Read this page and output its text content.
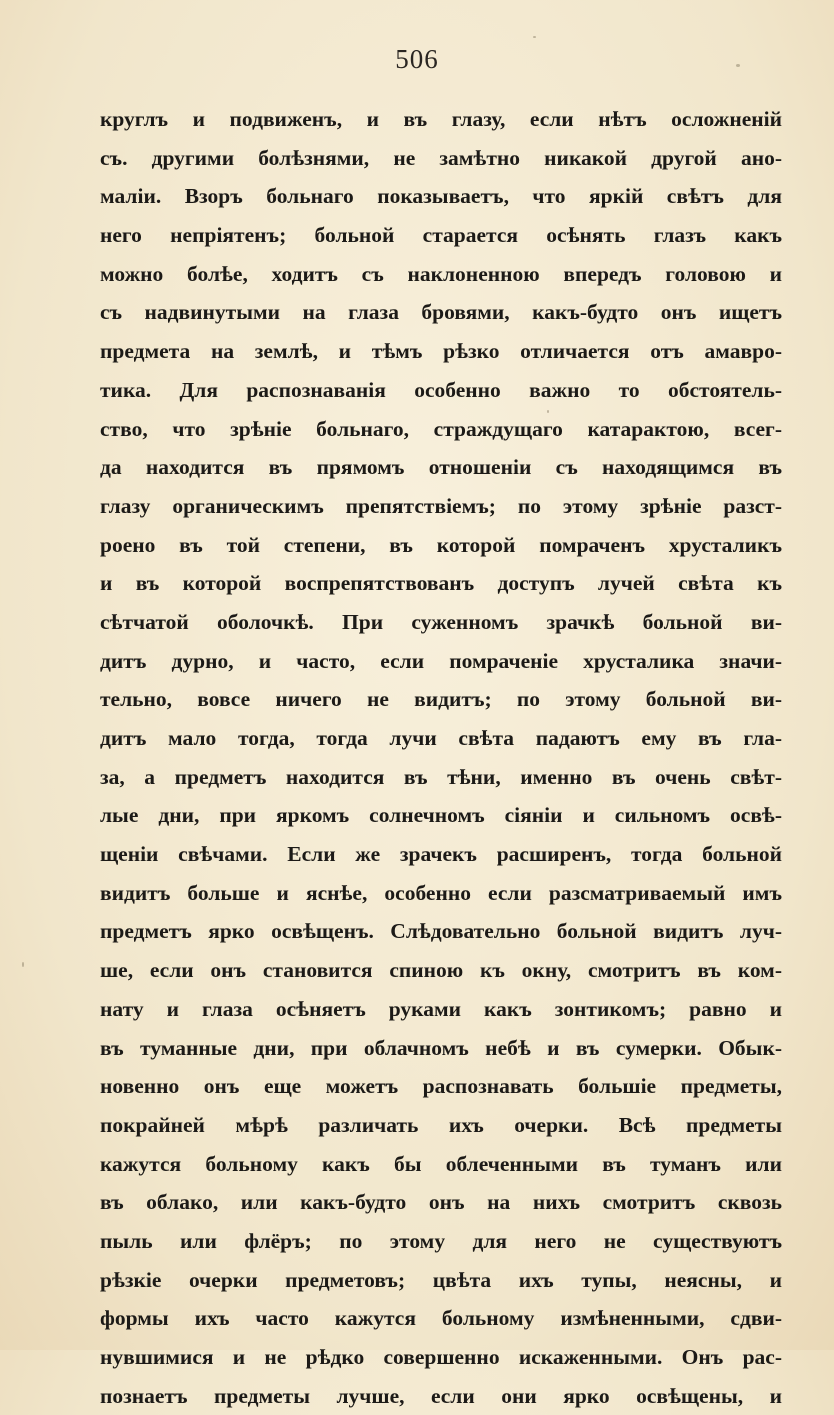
506
круглъ и подвиженъ, и въ глазу, если нѣтъ осложненій
съ. другими болѣзнями, не замѣтно никакой другой ано-
маліи. Взоръ больнаго показываетъ, что яркій свѣтъ для
него непріятенъ; больной старается осѣнять глазъ какъ
можно болѣе, ходитъ съ наклоненною впередъ головою и
съ надвинутыми на глаза бровями, какъ-будто онъ ищетъ
предмета на землѣ, и тѣмъ рѣзко отличается отъ амавро-
тика. Для распознаванія особенно важно то обстоятель-
ство, что зрѣніе больнаго, страждущаго катарактою, всег-
да находится въ прямомъ отношеніи съ находящимся въ
глазу органическимъ препятствіемъ; по этому зрѣніе разст-
роено въ той степени, въ которой помраченъ хрусталикъ
и въ которой воспрепятствованъ доступъ лучей свѣта къ
сѣтчатой оболочкѣ. При суженномъ зрачкѣ больной ви-
дитъ дурно, и часто, если помраченіе хрусталика значи-
тельно, вовсе ничего не видитъ; по этому больной ви-
дитъ мало тогда, тогда лучи свѣта падаютъ ему въ гла-
за, а предметъ находится въ тѣни, именно въ очень свѣт-
лые дни, при яркомъ солнечномъ сіяніи и сильномъ освѣ-
щеніи свѣчами. Если же зрачекъ расширенъ, тогда больной
видитъ больше и яснѣе, особенно если разсматриваемый имъ
предметъ ярко освѣщенъ. Слѣдовательно больной видитъ луч-
ше, если онъ становится спиною къ окну, смотритъ въ ком-
нату и глаза осѣняетъ руками какъ зонтикомъ; равно и
въ туманные дни, при облачномъ небѣ и въ сумерки. Обык-
новенно онъ еще можетъ распознавать большіе предметы,
покрайней мѣрѣ различать ихъ очерки. Всѣ предметы
кажутся больному какъ бы облеченными въ туманъ или
въ облако, или какъ-будто онъ на нихъ смотритъ сквозь
пыль или флёръ; по этому для него не существуютъ
рѣзкіе очерки предметовъ; цвѣта ихъ тупы, неясны, и
формы ихъ часто кажутся больному измѣненными, сдви-
нувшимися и не рѣдко совершенно искаженными. Онъ рас-
познаетъ предметы лучше, если они ярко освѣщены, и
